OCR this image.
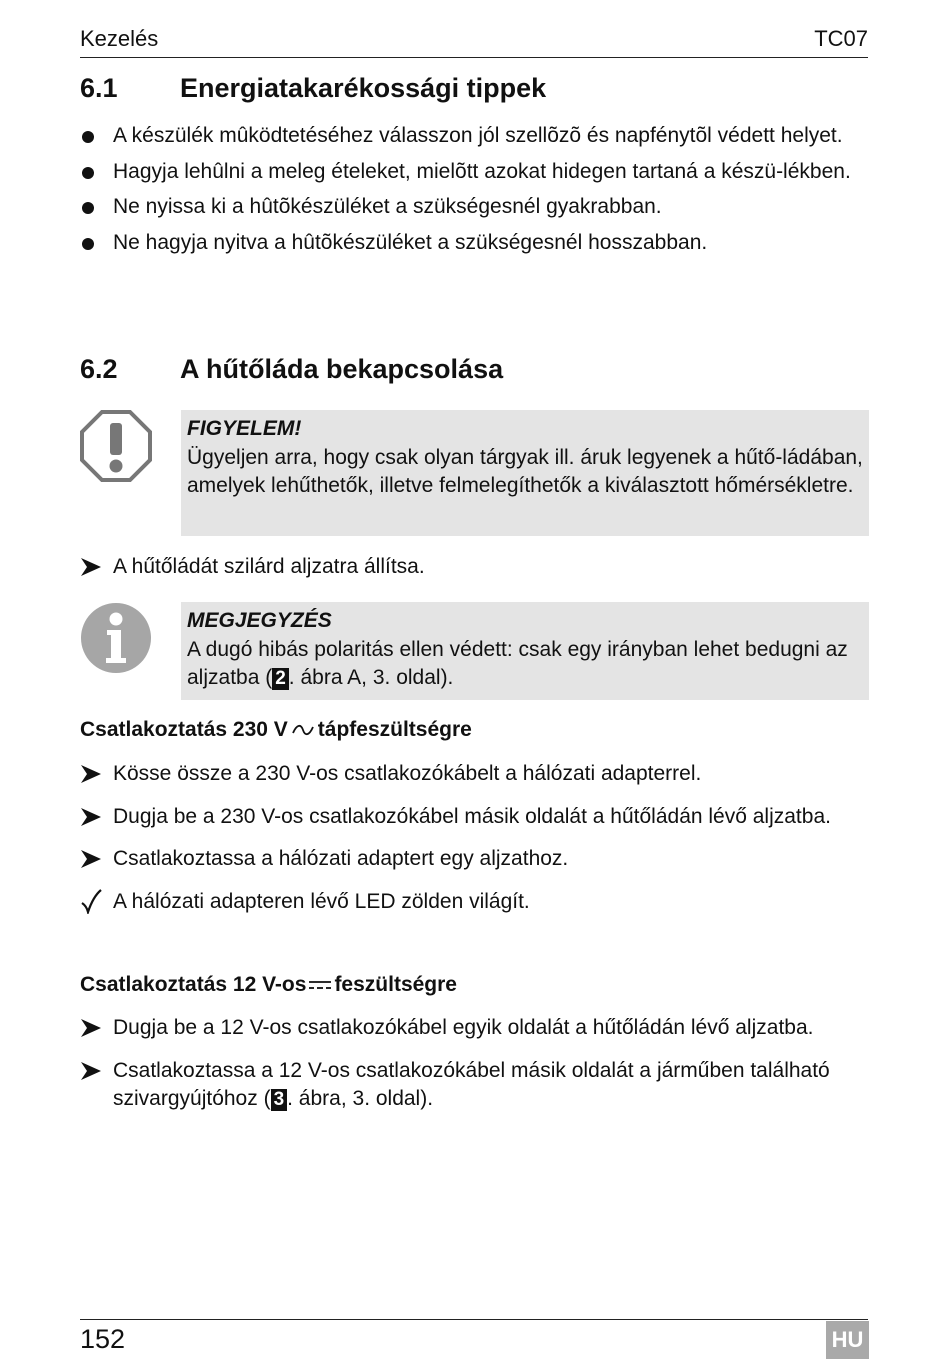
Kezelés	TC07
6.1 Energiatakarékossági tippek
A készülék mûködtetéséhez válasszon jól szellõzõ és napfénytõl védett helyet.
Hagyja lehûlni a meleg ételeket, mielõtt azokat hidegen tartaná a készü-lékben.
Ne nyissa ki a hûtõkészüléket a szükségesnél gyakrabban.
Ne hagyja nyitva a hûtõkészüléket a szükségesnél hosszabban.
6.2 A hűtőláda bekapcsolása
FIGYELEM!
Ügyeljen arra, hogy csak olyan tárgyak ill. áruk legyenek a hűtő-ládában, amelyek lehűthetők, illetve felmelegíthetők a kiválasztott hőmérsékletre.
A hűtőládát szilárd aljzatra állítsa.
MEGJEGYZÉS
A dugó hibás polaritás ellen védett: csak egy irányban lehet bedugni az aljzatba ( 2 . ábra A, 3. oldal).
Csatlakoztatás 230 V tápfeszültségre
Kösse össze a 230 V-os csatlakozókábelt a hálózati adapterrel.
Dugja be a 230 V-os csatlakozókábel másik oldalát a hűtőládán lévő aljzatba.
Csatlakoztassa a hálózati adaptert egy aljzathoz.
A hálózati adapteren lévő LED zölden világít.
Csatlakoztatás 12 V-os feszültségre
Dugja be a 12 V-os csatlakozókábel egyik oldalát a hűtőládán lévő aljzatba.
Csatlakoztassa a 12 V-os csatlakozókábel másik oldalát a járműben található szivargyújtóhoz ( 3 . ábra, 3. oldal).
152	HU
